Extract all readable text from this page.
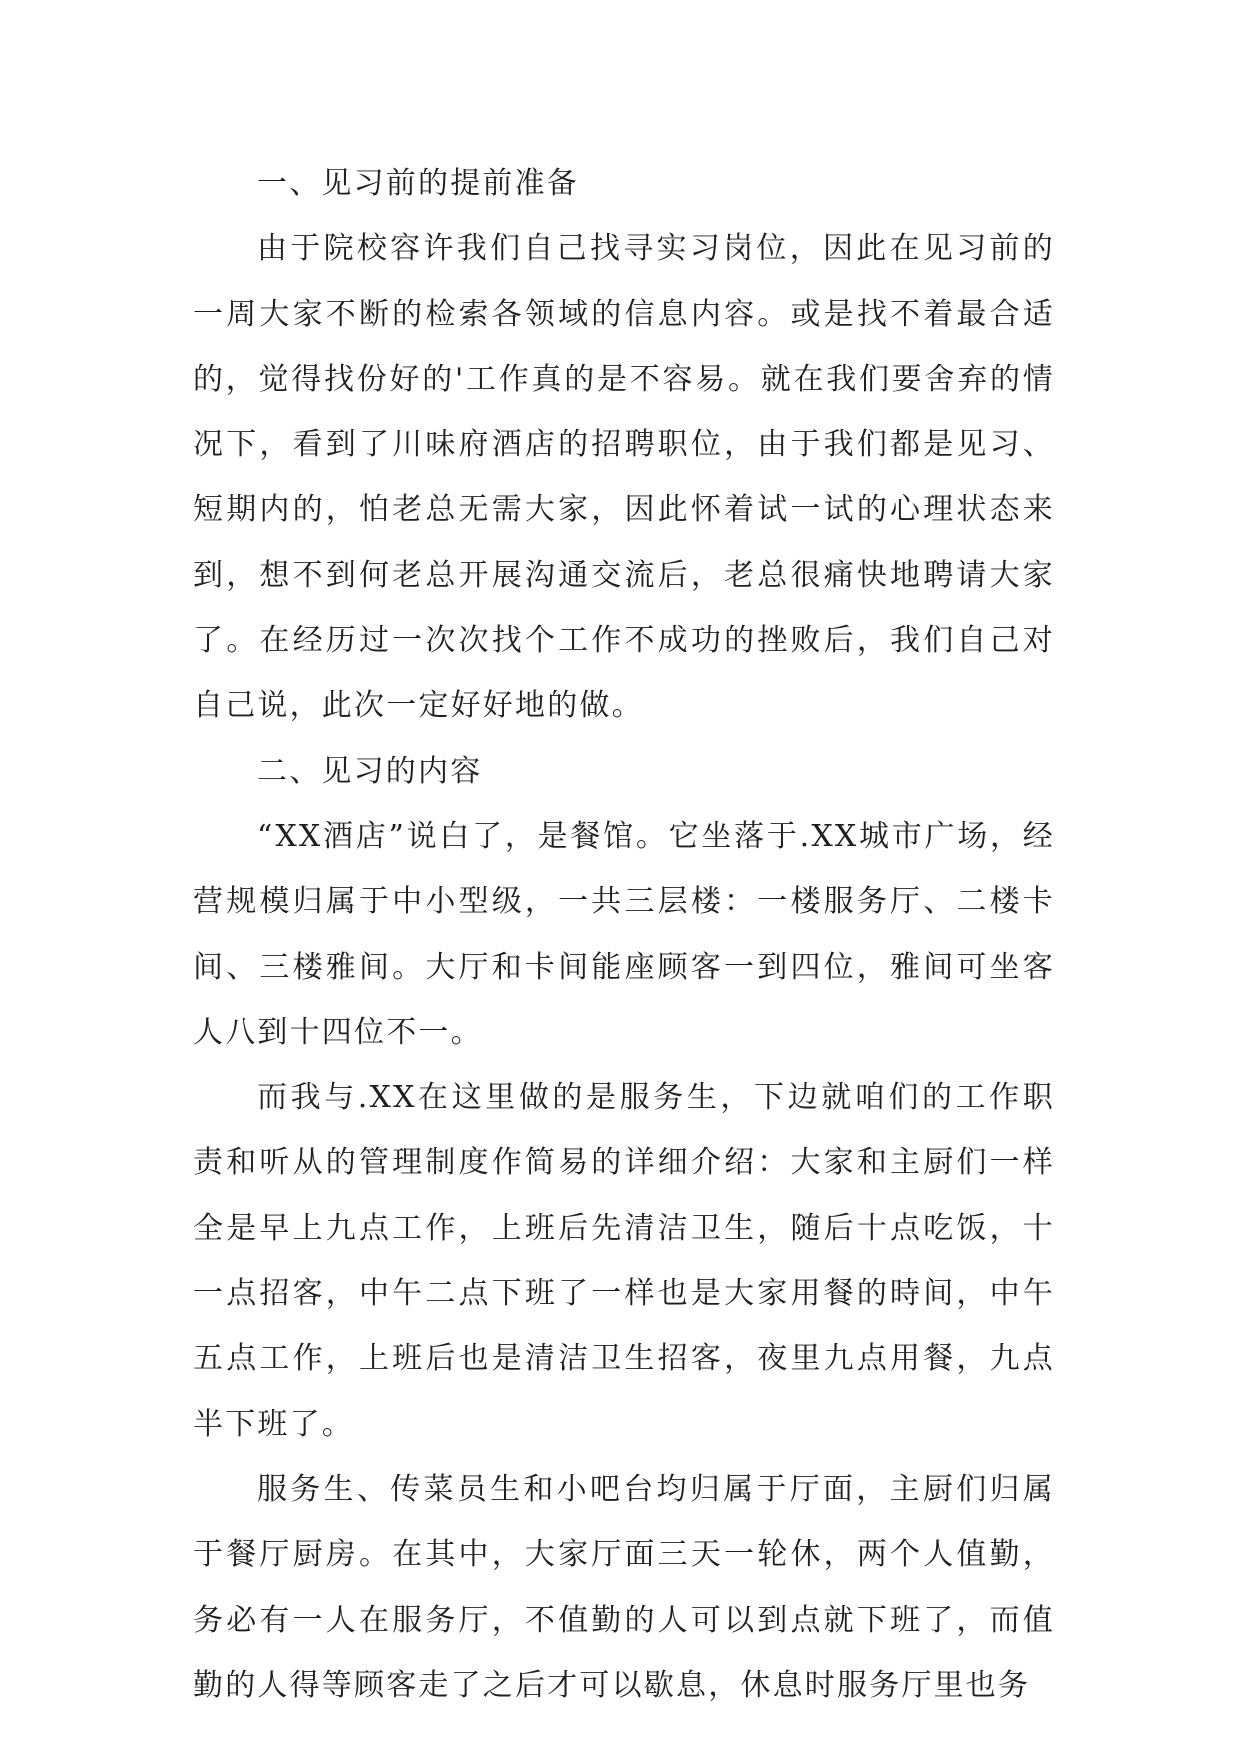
一、见习前的提前准备

由于院校容许我们自己找寻实习岗位，因此在见习前的一周大家不断的检索各领域的信息内容。或是找不着最合适的，觉得找份好的'工作真的是不容易。就在我们要舍弃的情况下，看到了川味府酒店的招聘职位，由于我们都是见习、短期内的，怕老总无需大家，因此怀着试一试的心理状态来到，想不到何老总开展沟通交流后，老总很痛快地聘请大家了。在经历过一次次找个工作不成功的挫败后，我们自己对自己说，此次一定好好地的做。

二、见习的内容

“XX酒店”说白了，是餐馆。它坐落于.XX城市广场，经营规模归属于中小型级，一共三层楼：一楼服务厅、二楼卡间、三楼雅间。大厅和卡间能座顾客一到四位，雅间可坐客人八到十四位不一。

而我与.XX在这里做的是服务生，下边就咱们的工作职责和听从的管理制度作简易的详细介绍：大家和主厨们一样全是早上九点工作，上班后先清洁卫生，随后十点吃饭，十一点招客，中午二点下班了一样也是大家用餐的時间，中午五点工作，上班后也是清洁卫生招客，夜里九点用餐，九点半下班了。

服务生、传菜员生和小吧台均归属于厅面，主厨们归属于餐厅厨房。在其中，大家厅面三天一轮休，两个人值勤，务必有一人在服务厅，不值勤的人可以到点就下班了，而值勤的人得等顾客走了之后才可以歇息，休息时服务厅里也务
